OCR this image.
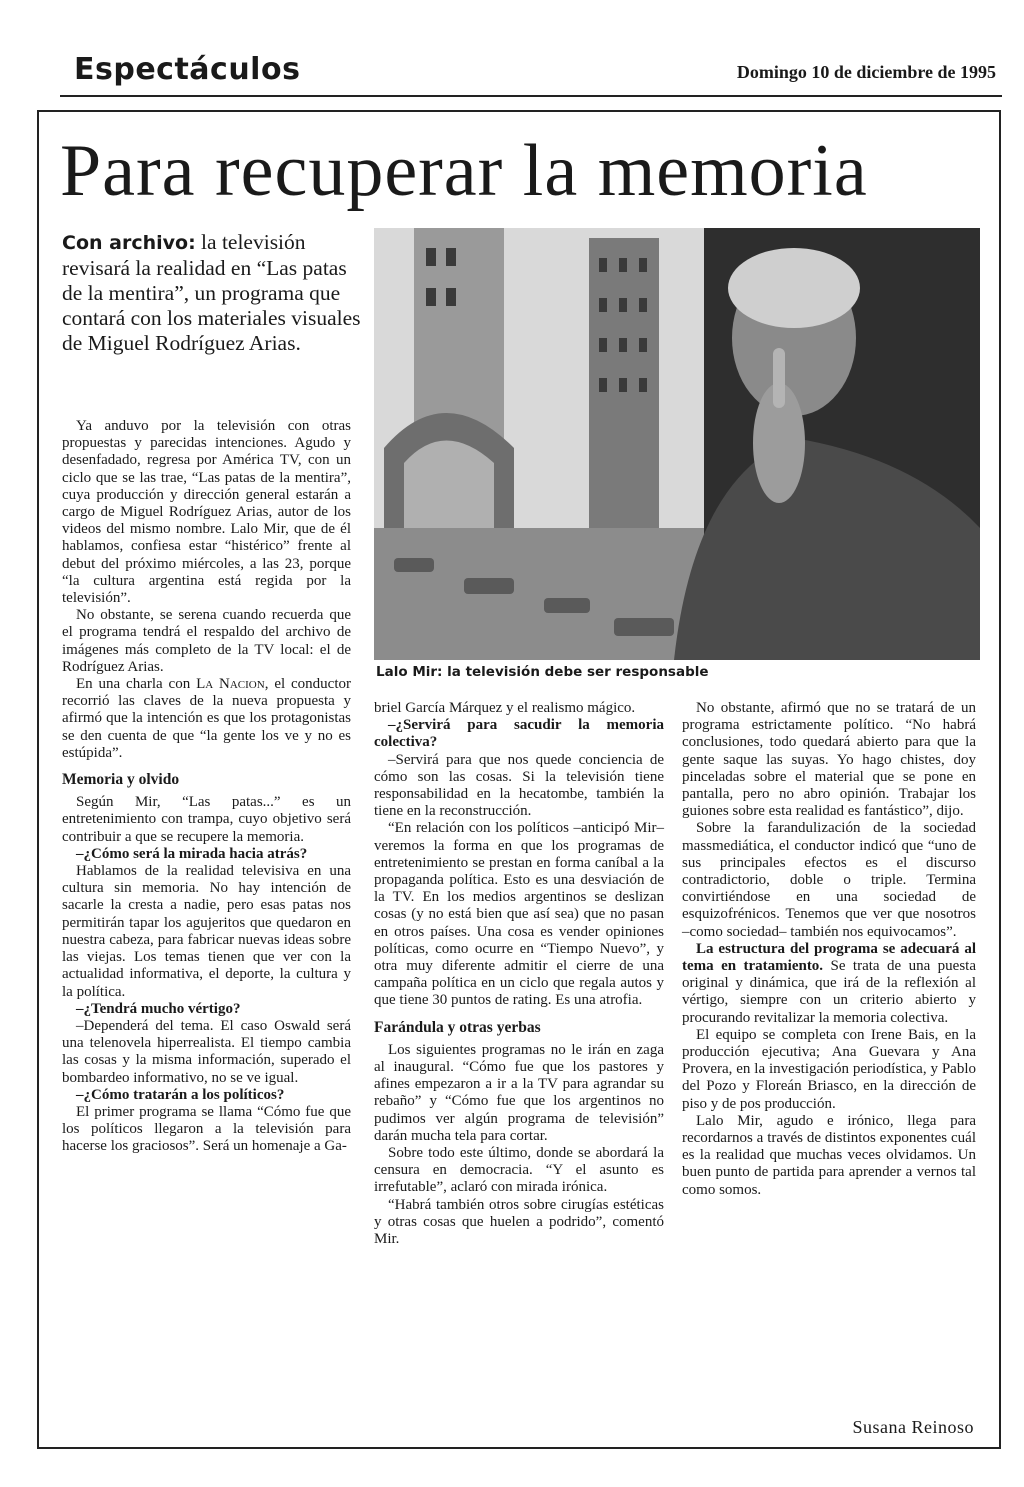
Espectáculos	Domingo 10 de diciembre de 1995
Para recuperar la memoria
Con archivo: la televisión revisará la realidad en “Las patas de la mentira”, un programa que contará con los materiales visuales de Miguel Rodríguez Arias.
Lalo Mir: la televisión debe ser responsable

Ya anduvo por la televisión con otras propuestas y parecidas intenciones. Agudo y desenfadado, regresa por América TV, con un ciclo que se las trae, “Las patas de la mentira”, cuya producción y dirección general estarán a cargo de Miguel Rodríguez Arias, autor de los videos del mismo nombre. Lalo Mir, que de él hablamos, confiesa estar “histérico” frente al debut del próximo miércoles, a las 23, porque “la cultura argentina está regida por la televisión”.

No obstante, se serena cuando recuerda que el programa tendrá el respaldo del archivo de imágenes más completo de la TV local: el de Rodríguez Arias.

En una charla con La Nacion, el conductor recorrió las claves de la nueva propuesta y afirmó que la intención es que los protagonistas se den cuenta de que “la gente los ve y no es estúpida”.

Memoria y olvido

Según Mir, “Las patas...” es un entretenimiento con trampa, cuyo objetivo será contribuir a que se recupere la memoria.

–¿Cómo será la mirada hacia atrás?

Hablamos de la realidad televisiva en una cultura sin memoria. No hay intención de sacarle la cresta a nadie, pero esas patas nos permitirán tapar los agujeritos que quedaron en nuestra cabeza, para fabricar nuevas ideas sobre las viejas. Los temas tienen que ver con la actualidad informativa, el deporte, la cultura y la política.

–¿Tendrá mucho vértigo?

–Dependerá del tema. El caso Oswald será una telenovela hiperrealista. El tiempo cambia las cosas y la misma información, superado el bombardeo informativo, no se ve igual.

–¿Cómo tratarán a los políticos?

El primer programa se llama “Cómo fue que los políticos llegaron a la televisión para hacerse los graciosos”. Será un homenaje a Ga-

briel García Márquez y el realismo mágico.

–¿Servirá para sacudir la memoria colectiva?

–Servirá para que nos quede conciencia de cómo son las cosas. Si la televisión tiene responsabilidad en la hecatombe, también la tiene en la reconstrucción.

“En relación con los políticos –anticipó Mir– veremos la forma en que los programas de entretenimiento se prestan en forma caníbal a la propaganda política. Esto es una desviación de la TV. En los medios argentinos se deslizan cosas (y no está bien que así sea) que no pasan en otros países. Una cosa es vender opiniones políticas, como ocurre en “Tiempo Nuevo”, y otra muy diferente admitir el cierre de una campaña política en un ciclo que regala autos y que tiene 30 puntos de rating. Es una atrofia.

Farándula y otras yerbas

Los siguientes programas no le irán en zaga al inaugural. “Cómo fue que los pastores y afines empezaron a ir a la TV para agrandar su rebaño” y “Cómo fue que los argentinos no pudimos ver algún programa de televisión” darán mucha tela para cortar.

Sobre todo este último, donde se abordará la censura en democracia. “Y el asunto es irrefutable”, aclaró con mirada irónica.

“Habrá también otros sobre cirugías estéticas y otras cosas que huelen a podrido”, comentó Mir.

No obstante, afirmó que no se tratará de un programa estrictamente político. “No habrá conclusiones, todo quedará abierto para que la gente saque las suyas. Yo hago chistes, doy pinceladas sobre el material que se pone en pantalla, pero no abro opinión. Trabajar los guiones sobre esta realidad es fantástico”, dijo.

Sobre la farandulización de la sociedad massmediática, el conductor indicó que “uno de sus principales efectos es el discurso contradictorio, doble o triple. Termina convirtiéndose en una sociedad de esquizofrénicos. Tenemos que ver que nosotros –como sociedad– también nos equivocamos”.

La estructura del programa se adecuará al tema en tratamiento. Se trata de una puesta original y dinámica, que irá de la reflexión al vértigo, siempre con un criterio abierto y procurando revitalizar la memoria colectiva.

El equipo se completa con Irene Bais, en la producción ejecutiva; Ana Guevara y Ana Provera, en la investigación periodística, y Pablo del Pozo y Floreán Briasco, en la dirección de piso y de pos producción.

Lalo Mir, agudo e irónico, llega para recordarnos a través de distintos exponentes cuál es la realidad que muchas veces olvidamos. Un buen punto de partida para aprender a vernos tal como somos.

Susana Reinoso
